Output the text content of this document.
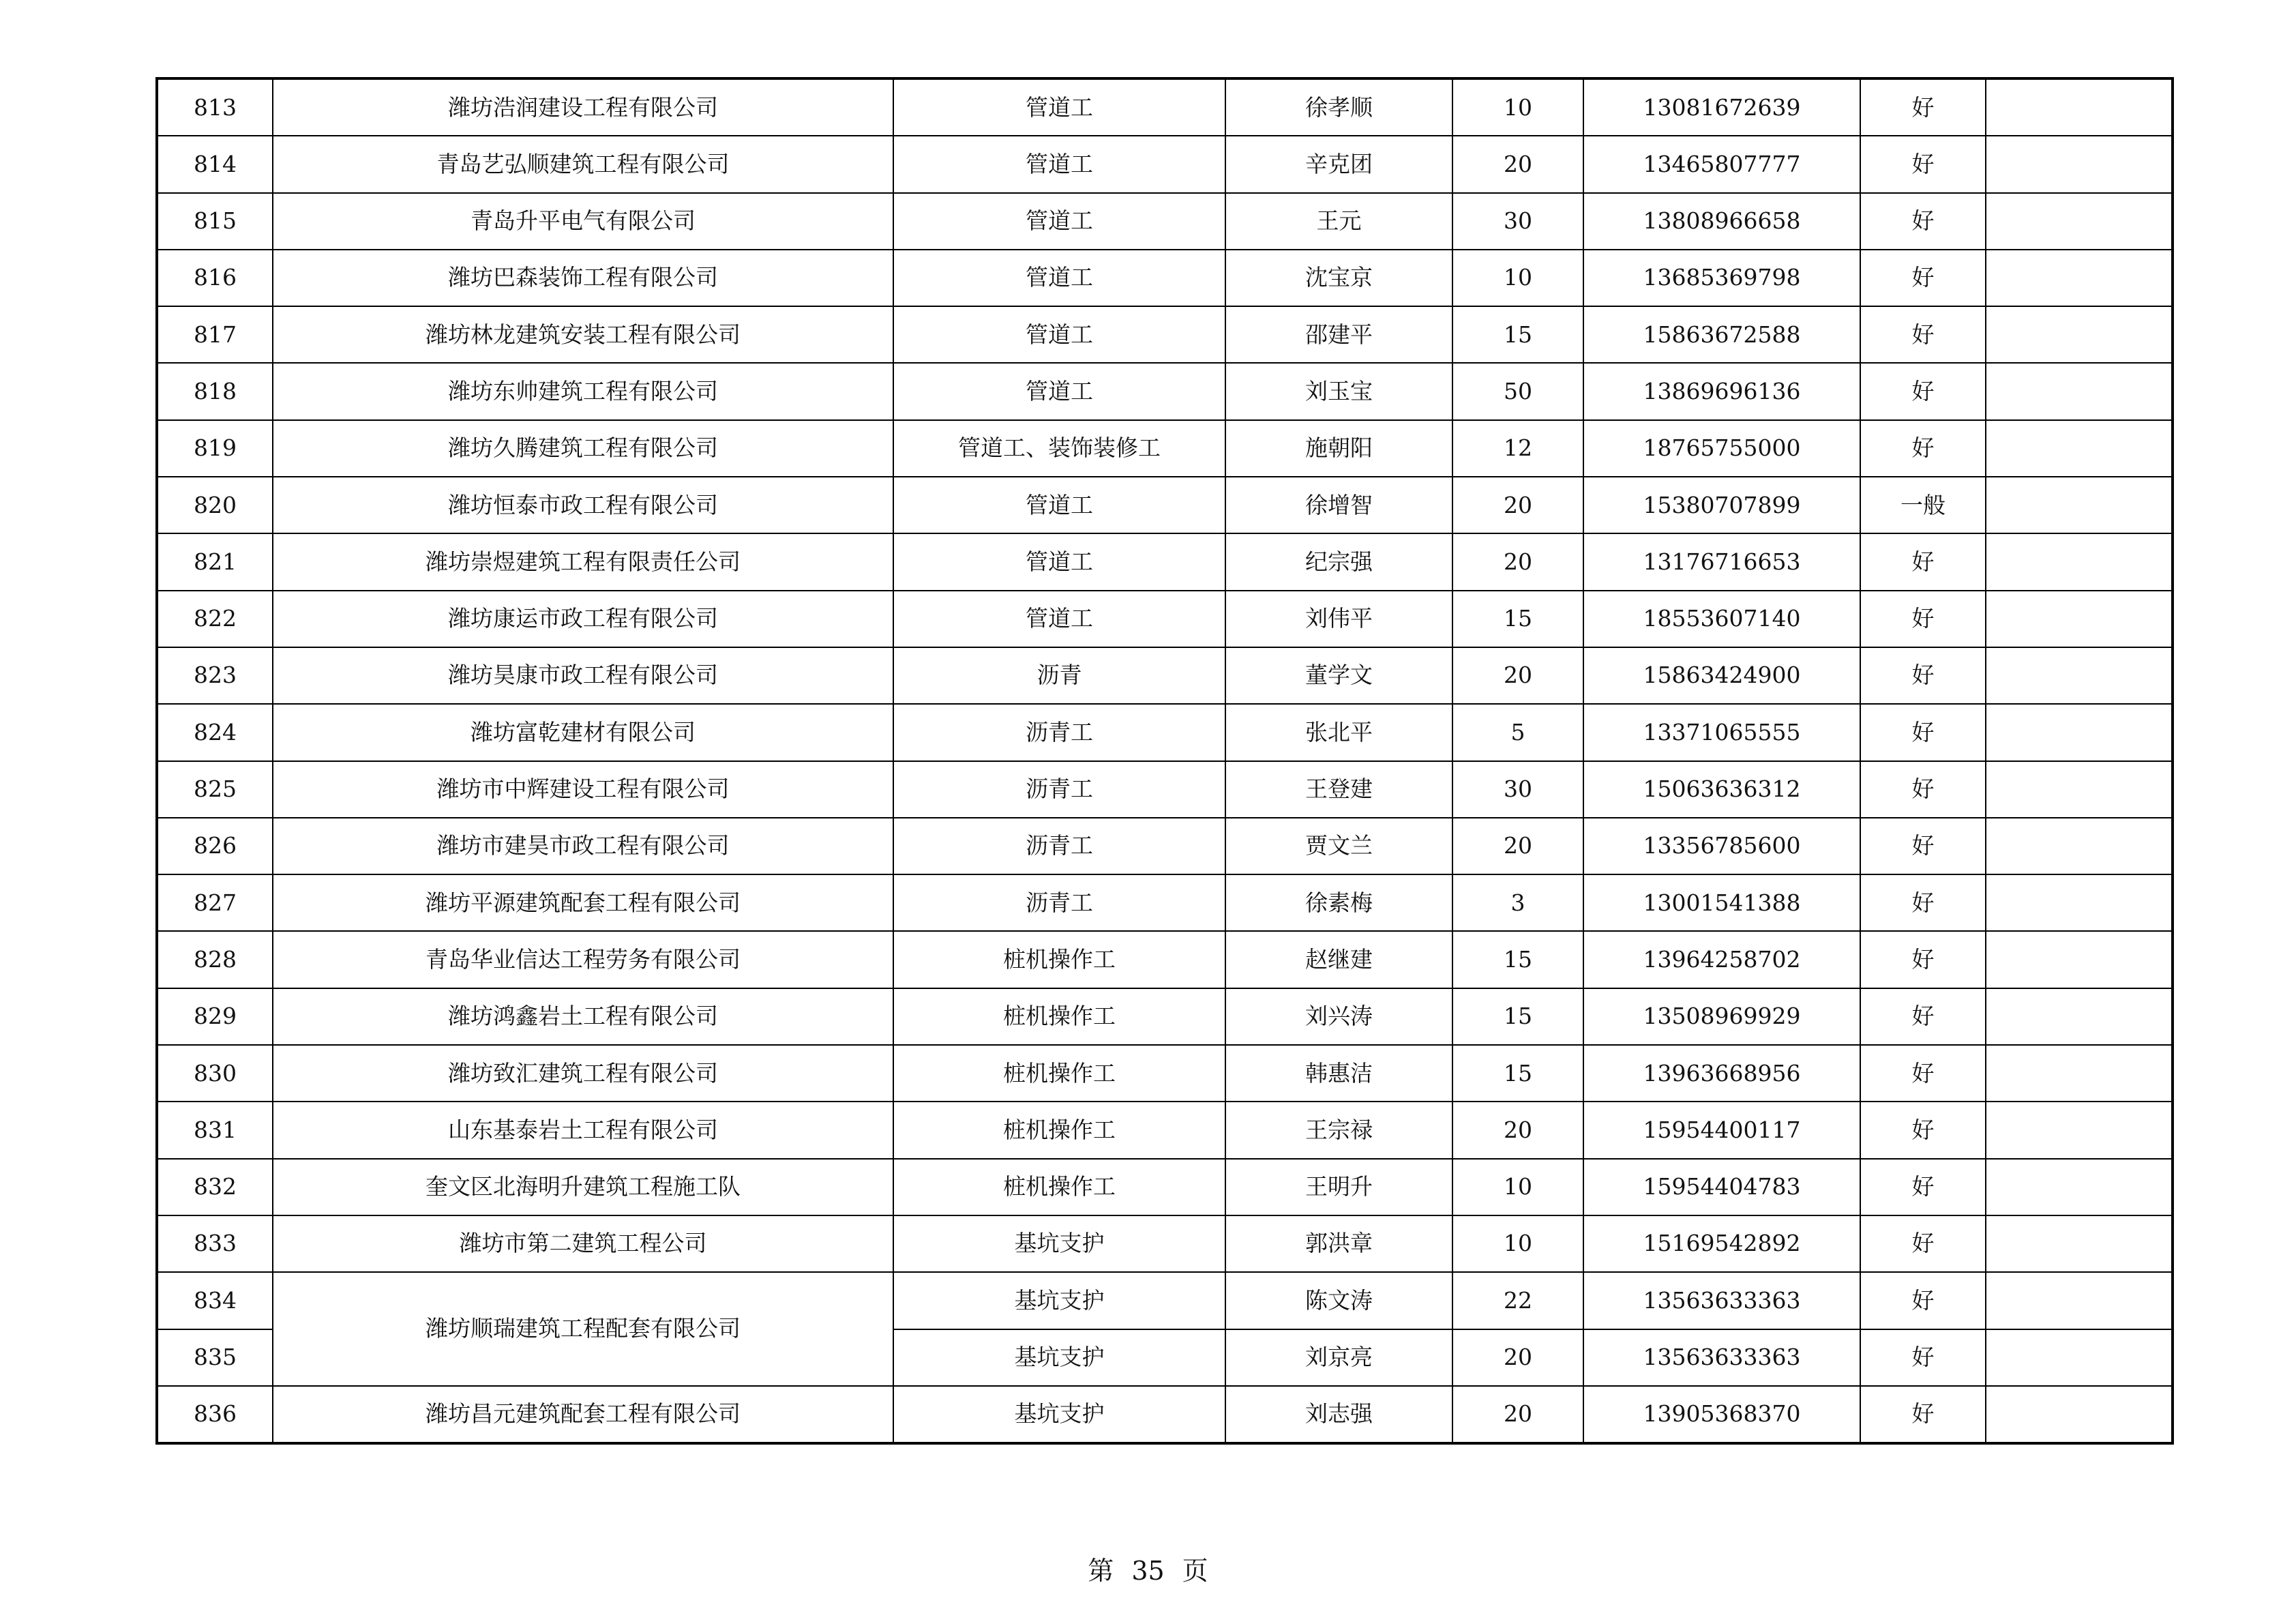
813	潍坊浩润建设工程有限公司	管道工	徐孝顺	10	13081672639	好	
814	青岛艺弘顺建筑工程有限公司	管道工	辛克团	20	13465807777	好	
815	青岛升平电气有限公司	管道工	王元	30	13808966658	好	
816	潍坊巴森装饰工程有限公司	管道工	沈宝京	10	13685369798	好	
817	潍坊林龙建筑安装工程有限公司	管道工	邵建平	15	15863672588	好	
818	潍坊东帅建筑工程有限公司	管道工	刘玉宝	50	13869696136	好	
819	潍坊久腾建筑工程有限公司	管道工、装饰装修工	施朝阳	12	18765755000	好	
820	潍坊恒泰市政工程有限公司	管道工	徐增智	20	15380707899	一般	
821	潍坊崇煜建筑工程有限责任公司	管道工	纪宗强	20	13176716653	好	
822	潍坊康运市政工程有限公司	管道工	刘伟平	15	18553607140	好	
823	潍坊昊康市政工程有限公司	沥青	董学文	20	15863424900	好	
824	潍坊富乾建材有限公司	沥青工	张北平	5	13371065555	好	
825	潍坊市中辉建设工程有限公司	沥青工	王登建	30	15063636312	好	
826	潍坊市建昊市政工程有限公司	沥青工	贾文兰	20	13356785600	好	
827	潍坊平源建筑配套工程有限公司	沥青工	徐素梅	3	13001541388	好	
828	青岛华业信达工程劳务有限公司	桩机操作工	赵继建	15	13964258702	好	
829	潍坊鸿鑫岩土工程有限公司	桩机操作工	刘兴涛	15	13508969929	好	
830	潍坊致汇建筑工程有限公司	桩机操作工	韩惠洁	15	13963668956	好	
831	山东基泰岩土工程有限公司	桩机操作工	王宗禄	20	15954400117	好	
832	奎文区北海明升建筑工程施工队	桩机操作工	王明升	10	15954404783	好	
833	潍坊市第二建筑工程公司	基坑支护	郭洪章	10	15169542892	好	
834	潍坊顺瑞建筑工程配套有限公司	基坑支护	陈文涛	22	13563633363	好	
835		基坑支护	刘京亮	20	13563633363	好	
836	潍坊昌元建筑配套工程有限公司	基坑支护	刘志强	20	13905368370	好	
第 35 页
